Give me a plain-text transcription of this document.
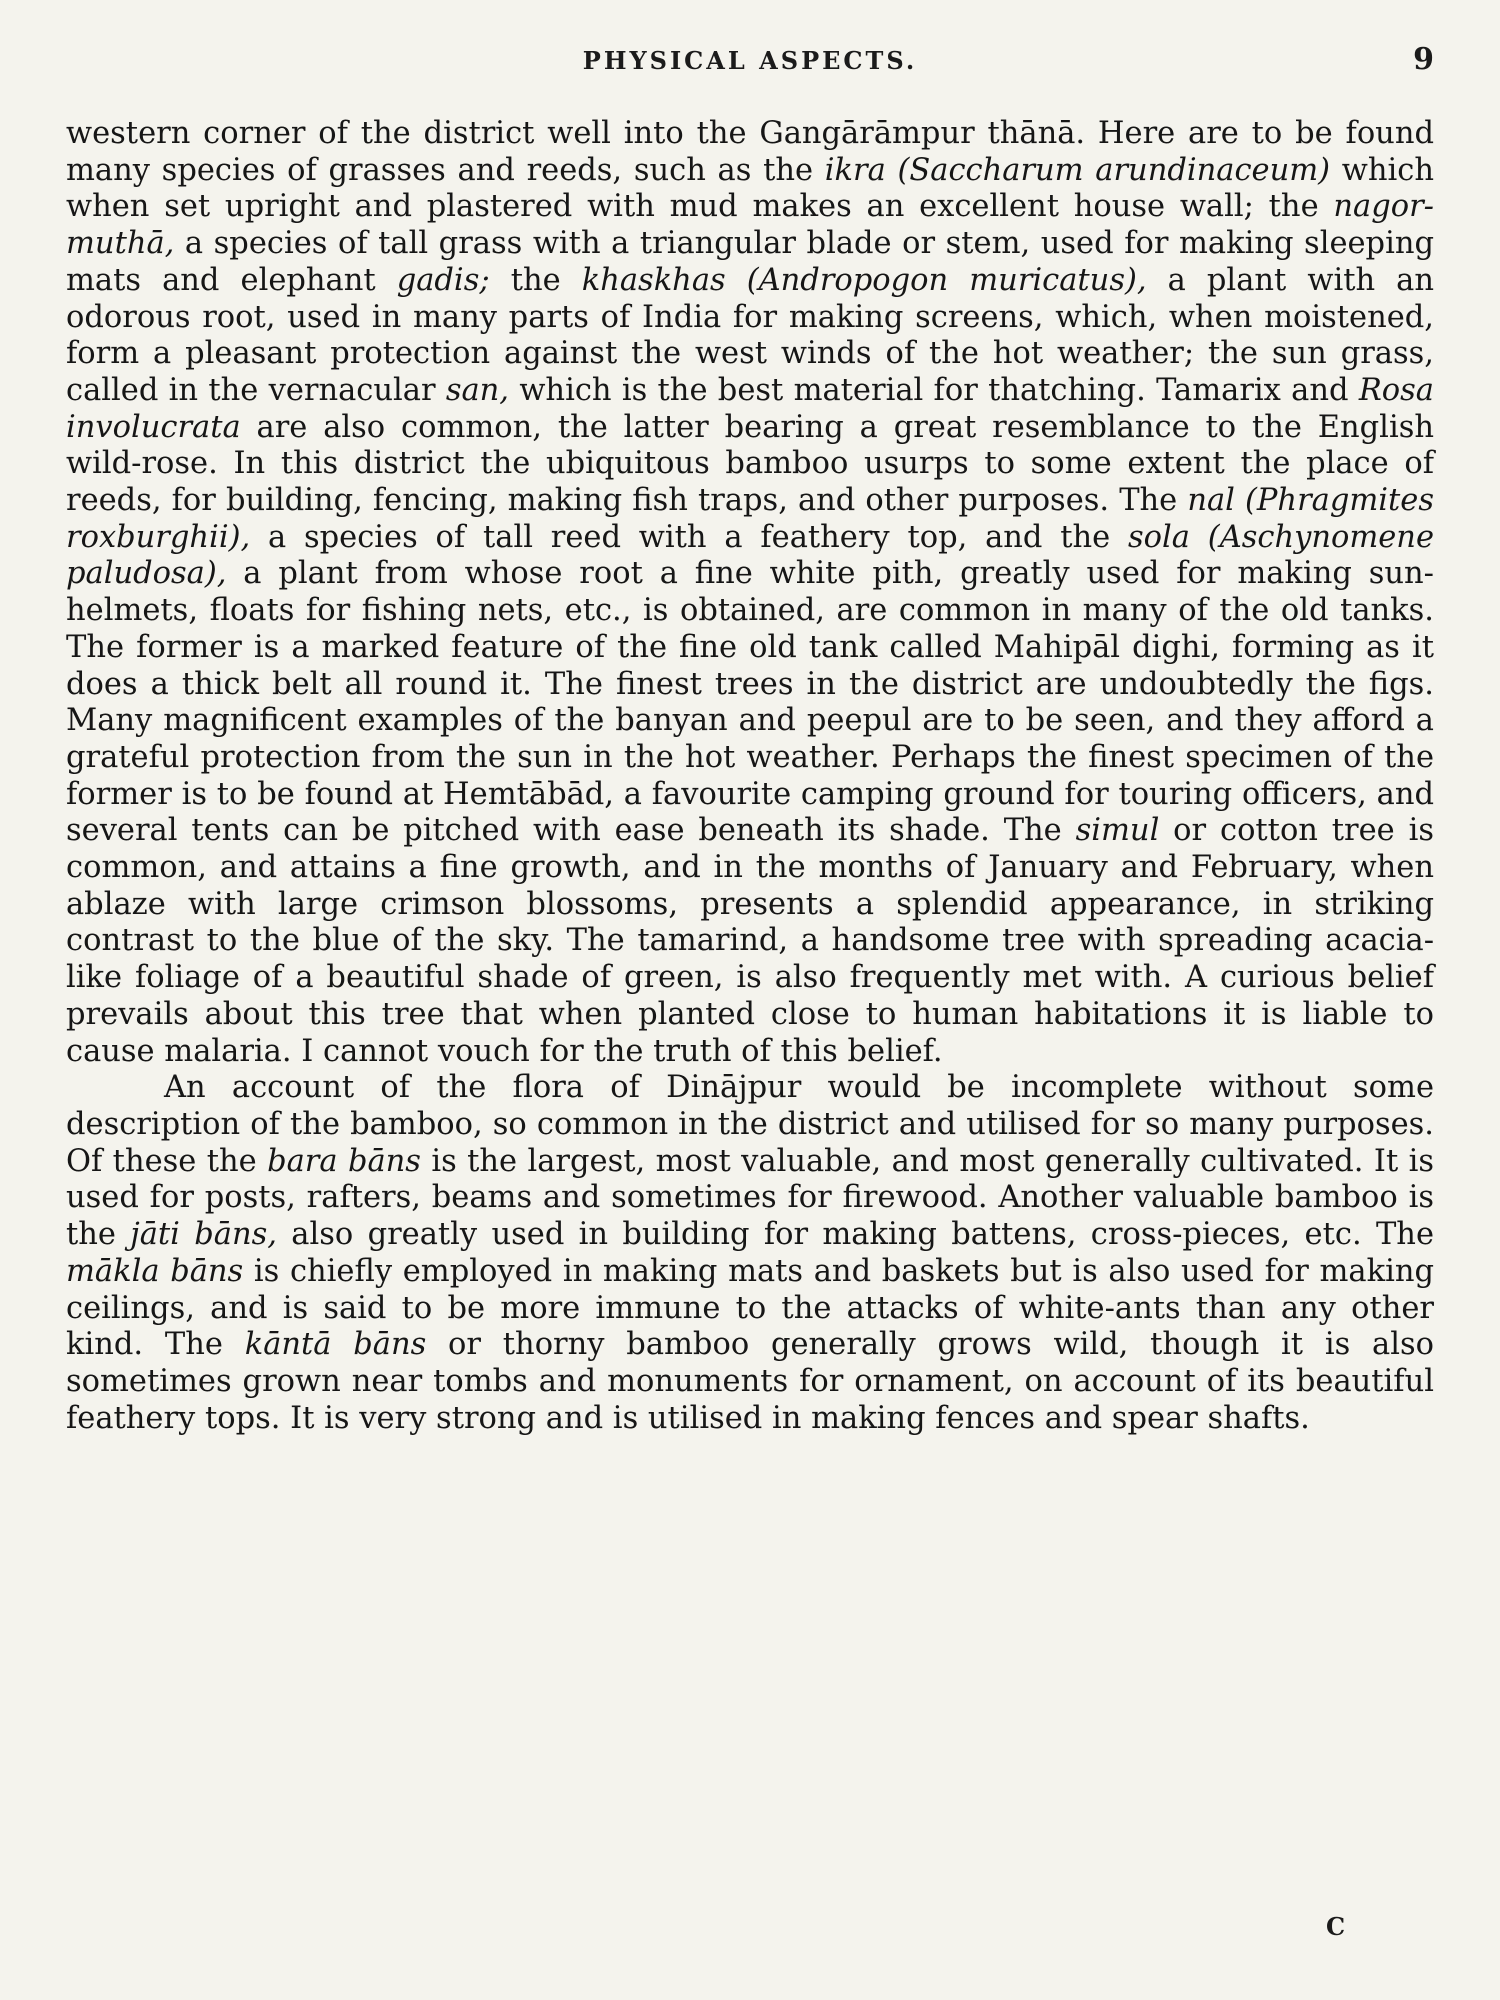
PHYSICAL ASPECTS.	9

western corner of the district well into the Gangārāmpur thānā. Here are to be found many species of grasses and reeds, such as the ikra (Saccharum arundinaceum) which when set upright and plastered with mud makes an excellent house wall; the nagor-muthā, a species of tall grass with a triangular blade or stem, used for making sleeping mats and elephant gadis; the khaskhas (Andropogon muricatus), a plant with an odorous root, used in many parts of India for making screens, which, when moistened, form a pleasant protection against the west winds of the hot weather; the sun grass, called in the vernacular san, which is the best material for thatching. Tamarix and Rosa involucrata are also common, the latter bearing a great resemblance to the English wild-rose. In this district the ubiquitous bamboo usurps to some extent the place of reeds, for building, fencing, making fish traps, and other purposes. The nal (Phragmites roxburghii), a species of tall reed with a feathery top, and the sola (Aschynomene paludosa), a plant from whose root a fine white pith, greatly used for making sun-helmets, floats for fishing nets, etc., is obtained, are common in many of the old tanks. The former is a marked feature of the fine old tank called Mahipāl dighi, forming as it does a thick belt all round it. The finest trees in the district are undoubtedly the figs. Many magnificent examples of the banyan and peepul are to be seen, and they afford a grateful protection from the sun in the hot weather. Perhaps the finest specimen of the former is to be found at Hemtābād, a favourite camping ground for touring officers, and several tents can be pitched with ease beneath its shade. The simul or cotton tree is common, and attains a fine growth, and in the months of January and February, when ablaze with large crimson blossoms, presents a splendid appearance, in striking contrast to the blue of the sky. The tamarind, a handsome tree with spreading acacia-like foliage of a beautiful shade of green, is also frequently met with. A curious belief prevails about this tree that when planted close to human habitations it is liable to cause malaria. I cannot vouch for the truth of this belief.

An account of the flora of Dinājpur would be incomplete without some description of the bamboo, so common in the district and utilised for so many purposes. Of these the bara bāns is the largest, most valuable, and most generally cultivated. It is used for posts, rafters, beams and sometimes for firewood. Another valuable bamboo is the jāti bāns, also greatly used in building for making battens, cross-pieces, etc. The mākla bāns is chiefly employed in making mats and baskets but is also used for making ceilings, and is said to be more immune to the attacks of white-ants than any other kind. The kāntā bāns or thorny bamboo generally grows wild, though it is also sometimes grown near tombs and monuments for ornament, on account of its beautiful feathery tops. It is very strong and is utilised in making fences and spear shafts.

C
